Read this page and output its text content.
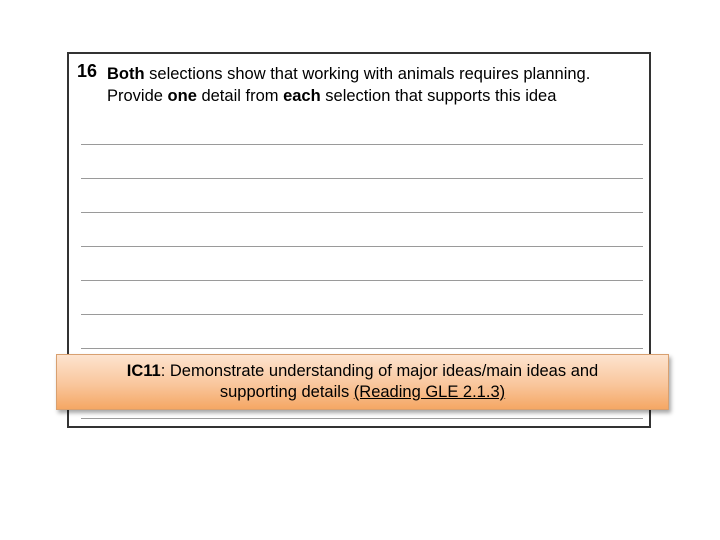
16 Both selections show that working with animals requires planning.
Provide one detail from each selection that supports this idea
IC11: Demonstrate understanding of major ideas/main ideas and
supporting details (Reading GLE 2.1.3)
